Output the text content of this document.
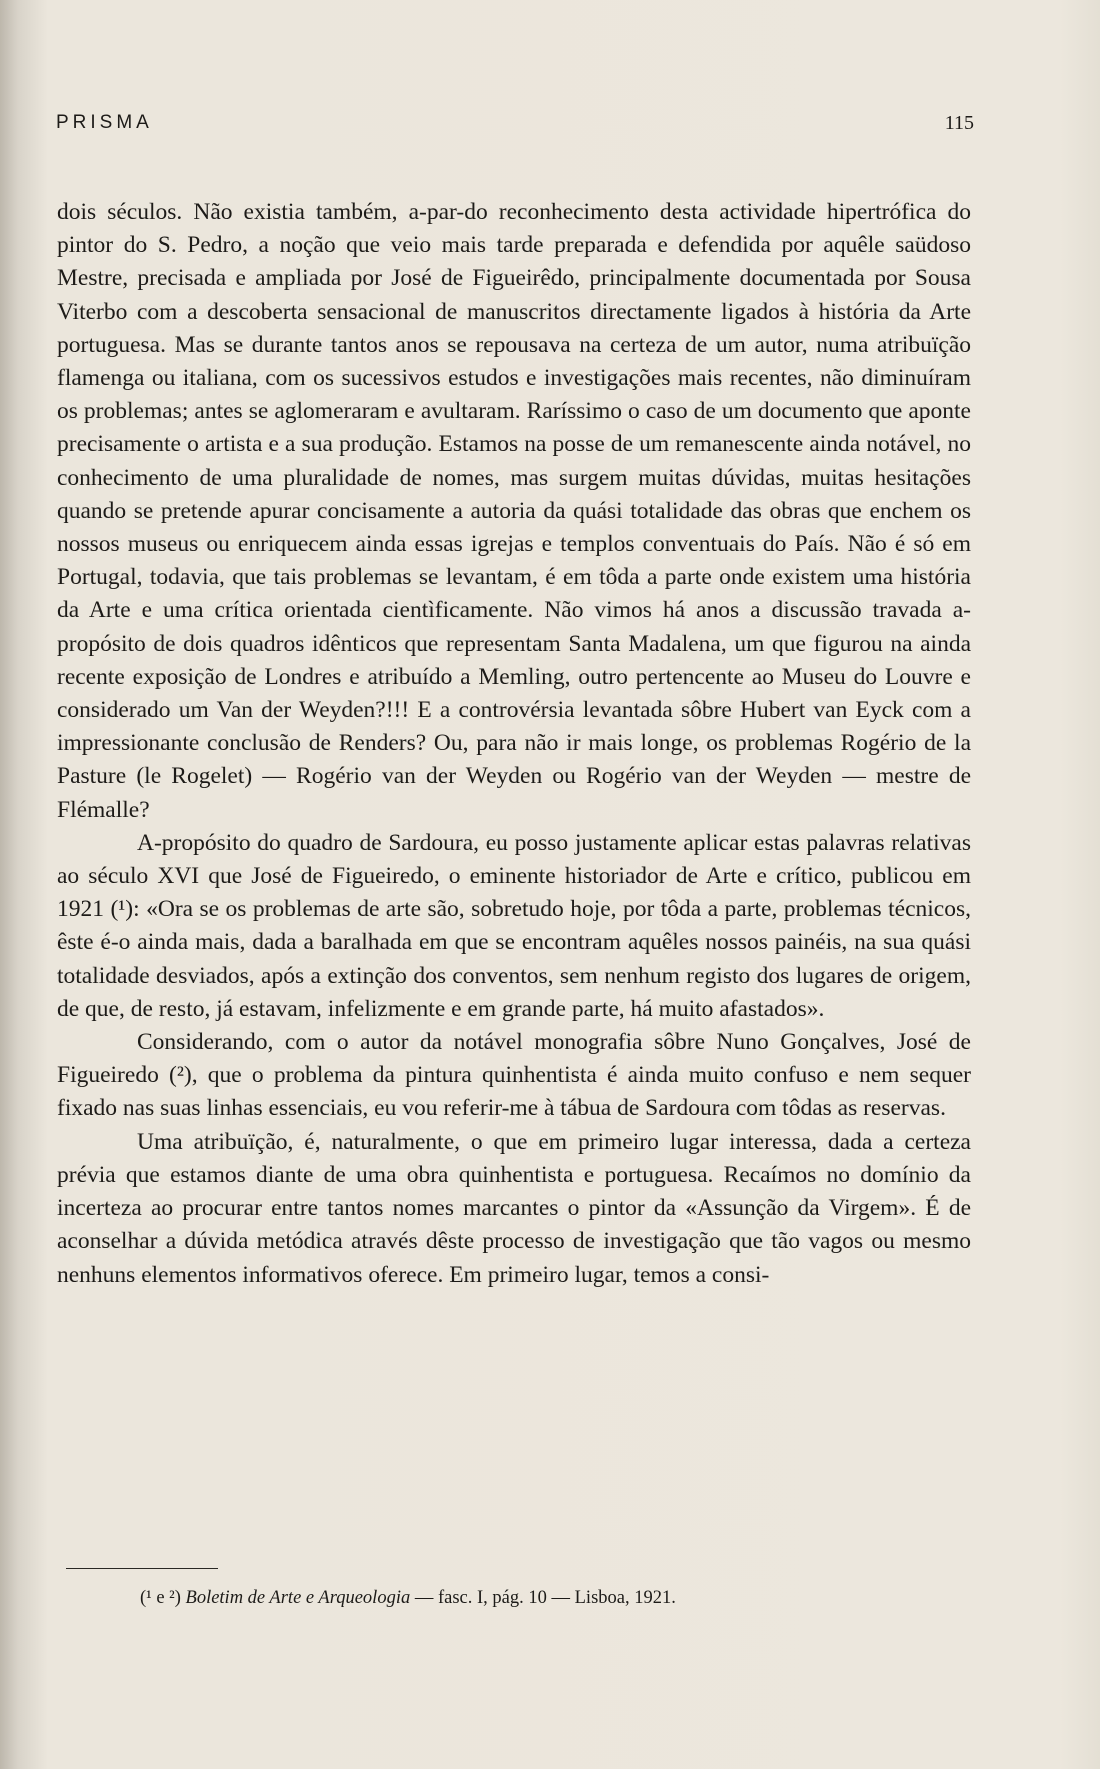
PRISMA	115

dois séculos. Não existia também, a-par-do reconhecimento desta actividade hipertrófica do pintor do S. Pedro, a noção que veio mais tarde preparada e defendida por aquêle saüdoso Mestre, precisada e ampliada por José de Figueirêdo, principalmente documentada por Sousa Viterbo com a descoberta sensacional de manuscritos directamente ligados à história da Arte portuguesa. Mas se durante tantos anos se repousava na certeza de um autor, numa atribuïção flamenga ou italiana, com os sucessivos estudos e investigações mais recentes, não diminuíram os problemas; antes se aglomeraram e avultaram. Raríssimo o caso de um documento que aponte precisamente o artista e a sua produção. Estamos na posse de um remanescente ainda notável, no conhecimento de uma pluralidade de nomes, mas surgem muitas dúvidas, muitas hesitações quando se pretende apurar concisamente a autoria da quási totalidade das obras que enchem os nossos museus ou enriquecem ainda essas igrejas e templos conventuais do País. Não é só em Portugal, todavia, que tais problemas se levantam, é em tôda a parte onde existem uma história da Arte e uma crítica orientada cientìficamente. Não vimos há anos a discussão travada a-propósito de dois quadros idênticos que representam Santa Madalena, um que figurou na ainda recente exposição de Londres e atribuído a Memling, outro pertencente ao Museu do Louvre e considerado um Van der Weyden?!!! E a controvérsia levantada sôbre Hubert van Eyck com a impressionante conclusão de Renders? Ou, para não ir mais longe, os problemas Rogério de la Pasture (le Rogelet) — Rogério van der Weyden ou Rogério van der Weyden — mestre de Flémalle?

A-propósito do quadro de Sardoura, eu posso justamente aplicar estas palavras relativas ao século XVI que José de Figueiredo, o eminente historiador de Arte e crítico, publicou em 1921 (¹): «Ora se os problemas de arte são, sobretudo hoje, por tôda a parte, problemas técnicos, êste é-o ainda mais, dada a baralhada em que se encontram aquêles nossos painéis, na sua quási totalidade desviados, após a extinção dos conventos, sem nenhum registo dos lugares de origem, de que, de resto, já estavam, infelizmente e em grande parte, há muito afastados».

Considerando, com o autor da notável monografia sôbre Nuno Gonçalves, José de Figueiredo (²), que o problema da pintura quinhentista é ainda muito confuso e nem sequer fixado nas suas linhas essenciais, eu vou referir-me à tábua de Sardoura com tôdas as reservas.

Uma atribuïção, é, naturalmente, o que em primeiro lugar interessa, dada a certeza prévia que estamos diante de uma obra quinhentista e portuguesa. Recaímos no domínio da incerteza ao procurar entre tantos nomes marcantes o pintor da «Assunção da Virgem». É de aconselhar a dúvida metódica através dêste processo de investigação que tão vagos ou mesmo nenhuns elementos informativos oferece. Em primeiro lugar, temos a consi-

(¹ e ²) Boletim de Arte e Arqueologia — fasc. I, pág. 10 — Lisboa, 1921.
